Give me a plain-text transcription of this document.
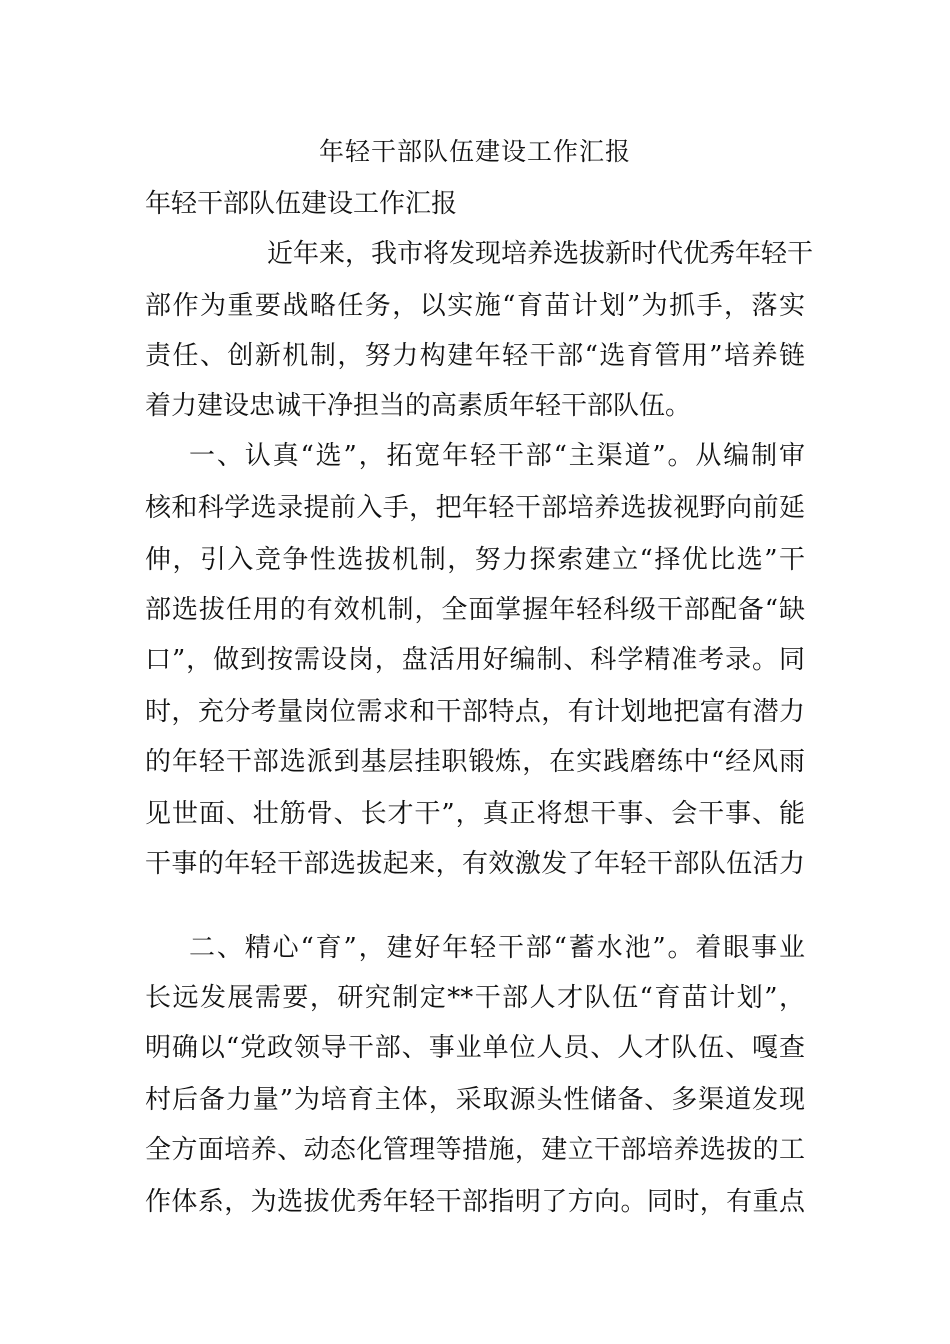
年轻干部队伍建设工作汇报
年轻干部队伍建设工作汇报
近年来，我市将发现培养选拔新时代优秀年轻干
部作为重要战略任务，以实施“育苗计划”为抓手，落实
责任、创新机制，努力构建年轻干部“选育管用”培养链
着力建设忠诚干净担当的高素质年轻干部队伍。
一、认真“选”，拓宽年轻干部“主渠道”。从编制审
核和科学选录提前入手，把年轻干部培养选拔视野向前延
伸，引入竞争性选拔机制，努力探索建立“择优比选”干
部选拔任用的有效机制，全面掌握年轻科级干部配备“缺
口”，做到按需设岗，盘活用好编制、科学精准考录。同
时，充分考量岗位需求和干部特点，有计划地把富有潜力
的年轻干部选派到基层挂职锻炼，在实践磨练中“经风雨
见世面、壮筋骨、长才干”，真正将想干事、会干事、能
干事的年轻干部选拔起来，有效激发了年轻干部队伍活力
二、精心“育”，建好年轻干部“蓄水池”。着眼事业
长远发展需要，研究制定**干部人才队伍“育苗计划”，
明确以“党政领导干部、事业单位人员、人才队伍、嘎查
村后备力量”为培育主体，采取源头性储备、多渠道发现
全方面培养、动态化管理等措施，建立干部培养选拔的工
作体系，为选拔优秀年轻干部指明了方向。同时，有重点
